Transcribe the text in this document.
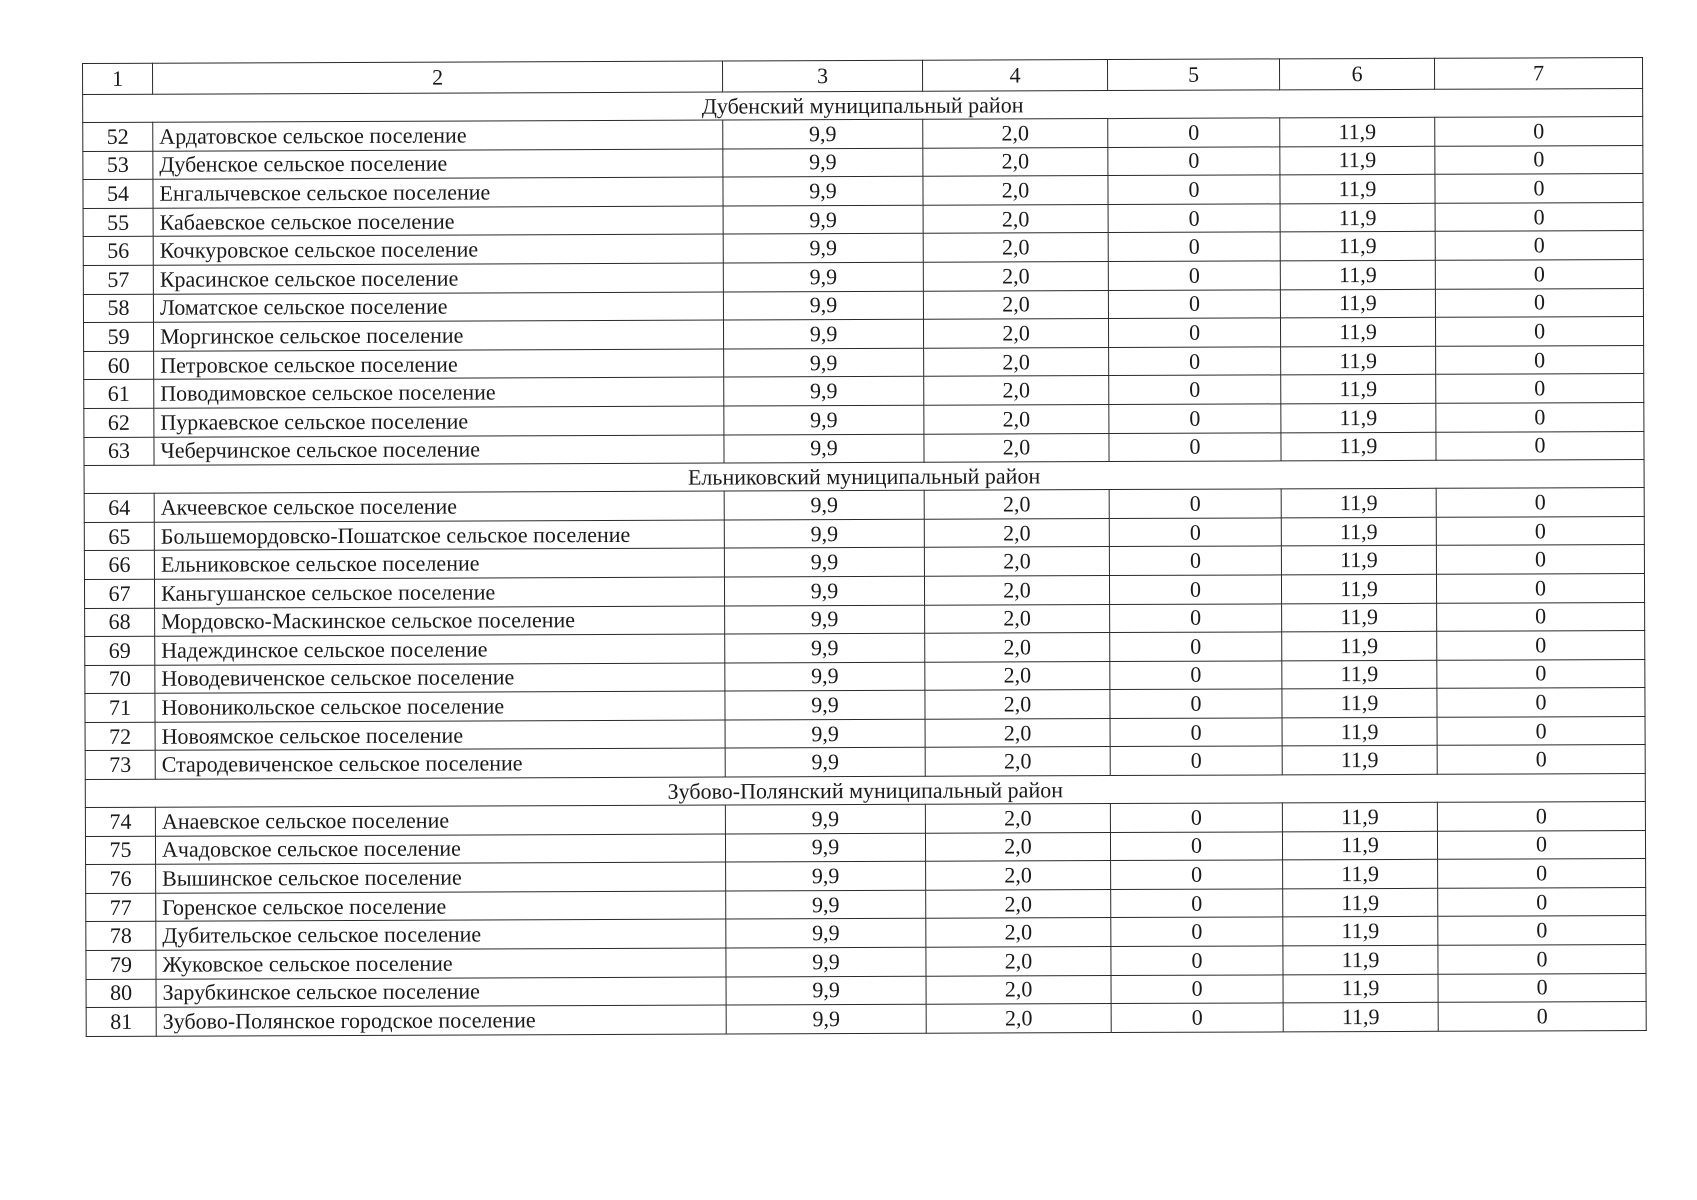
1	2	3	4	5	6	7
Дубенский муниципальный район						
52	Ардатовское сельское поселение	9,9	2,0	0	11,9	0
53	Дубенское сельское поселение	9,9	2,0	0	11,9	0
54	Енгалычевское сельское поселение	9,9	2,0	0	11,9	0
55	Кабаевское сельское поселение	9,9	2,0	0	11,9	0
56	Кочкуровское сельское поселение	9,9	2,0	0	11,9	0
57	Красинское сельское поселение	9,9	2,0	0	11,9	0
58	Ломатское сельское поселение	9,9	2,0	0	11,9	0
59	Моргинское сельское поселение	9,9	2,0	0	11,9	0
60	Петровское сельское поселение	9,9	2,0	0	11,9	0
61	Поводимовское сельское поселение	9,9	2,0	0	11,9	0
62	Пуркаевское сельское поселение	9,9	2,0	0	11,9	0
63	Чеберчинское сельское поселение	9,9	2,0	0	11,9	0
Ельниковский муниципальный район						
64	Акчеевское сельское поселение	9,9	2,0	0	11,9	0
65	Большемордовско-Пошатское сельское поселение	9,9	2,0	0	11,9	0
66	Ельниковское сельское поселение	9,9	2,0	0	11,9	0
67	Каньгушанское сельское поселение	9,9	2,0	0	11,9	0
68	Мордовско-Маскинское сельское поселение	9,9	2,0	0	11,9	0
69	Надеждинское сельское поселение	9,9	2,0	0	11,9	0
70	Новодевиченское сельское поселение	9,9	2,0	0	11,9	0
71	Новоникольское сельское поселение	9,9	2,0	0	11,9	0
72	Новоямское сельское поселение	9,9	2,0	0	11,9	0
73	Стародевиченское сельское поселение	9,9	2,0	0	11,9	0
Зубово-Полянский муниципальный район						
74	Анаевское сельское поселение	9,9	2,0	0	11,9	0
75	Ачадовское сельское поселение	9,9	2,0	0	11,9	0
76	Вышинское сельское поселение	9,9	2,0	0	11,9	0
77	Горенское сельское поселение	9,9	2,0	0	11,9	0
78	Дубительское сельское поселение	9,9	2,0	0	11,9	0
79	Жуковское сельское поселение	9,9	2,0	0	11,9	0
80	Зарубкинское сельское поселение	9,9	2,0	0	11,9	0
81	Зубово-Полянское городское поселение	9,9	2,0	0	11,9	0
